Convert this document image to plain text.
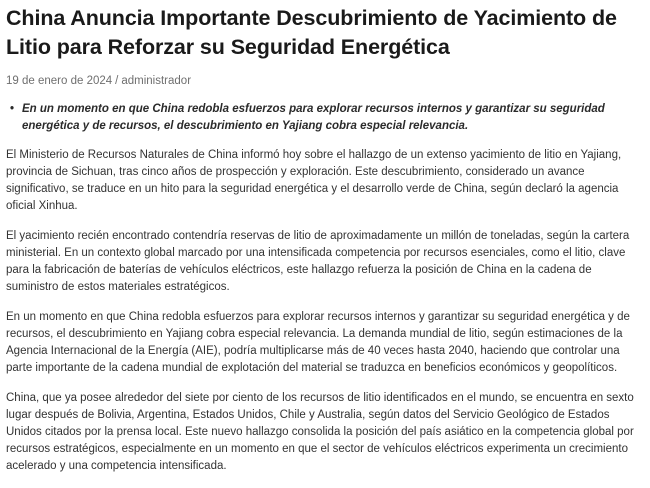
China Anuncia Importante Descubrimiento de Yacimiento de Litio para Reforzar su Seguridad Energética
19 de enero de 2024 / administrador
• En un momento en que China redobla esfuerzos para explorar recursos internos y garantizar su seguridad energética y de recursos, el descubrimiento en Yajiang cobra especial relevancia.

El Ministerio de Recursos Naturales de China informó hoy sobre el hallazgo de un extenso yacimiento de litio en Yajiang, provincia de Sichuan, tras cinco años de prospección y exploración. Este descubrimiento, considerado un avance significativo, se traduce en un hito para la seguridad energética y el desarrollo verde de China, según declaró la agencia oficial Xinhua.

El yacimiento recién encontrado contendría reservas de litio de aproximadamente un millón de toneladas, según la cartera ministerial. En un contexto global marcado por una intensificada competencia por recursos esenciales, como el litio, clave para la fabricación de baterías de vehículos eléctricos, este hallazgo refuerza la posición de China en la cadena de suministro de estos materiales estratégicos.

En un momento en que China redobla esfuerzos para explorar recursos internos y garantizar su seguridad energética y de recursos, el descubrimiento en Yajiang cobra especial relevancia. La demanda mundial de litio, según estimaciones de la Agencia Internacional de la Energía (AIE), podría multiplicarse más de 40 veces hasta 2040, haciendo que controlar una parte importante de la cadena mundial de explotación del material se traduzca en beneficios económicos y geopolíticos.

China, que ya posee alrededor del siete por ciento de los recursos de litio identificados en el mundo, se encuentra en sexto lugar después de Bolivia, Argentina, Estados Unidos, Chile y Australia, según datos del Servicio Geológico de Estados Unidos citados por la prensa local. Este nuevo hallazgo consolida la posición del país asiático en la competencia global por recursos estratégicos, especialmente en un momento en que el sector de vehículos eléctricos experimenta un crecimiento acelerado y una competencia intensificada.
